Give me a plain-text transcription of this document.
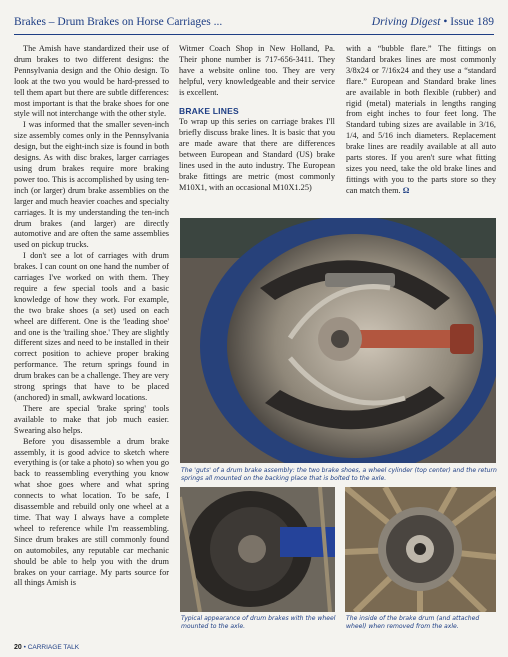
Brakes – Drum Brakes on Horse Carriages ...	Driving Digest • Issue 189

The Amish have standardized their use of drum brakes to two different designs: the Pennsylvania design and the Ohio design. To look at the two you would be hard-pressed to tell them apart but there are subtle differences: most important is that the brake shoes for one style will not interchange with the other style.

I was informed that the smaller seven-inch size assembly comes only in the Pennsylvania design, but the eight-inch size is found in both designs. As with disc brakes, larger carriages using drum brakes require more braking power too. This is accomplished by using ten-inch (or larger) drum brake assemblies on the larger and much heavier coaches and specialty carriages. It is my understanding the ten-inch drum brakes (and larger) are directly automotive and are often the same assemblies used on pickup trucks.

I don't see a lot of carriages with drum brakes. I can count on one hand the number of carriages I've worked on with them. They require a few special tools and a basic knowledge of how they work. For example, the two brake shoes (a set) used on each wheel are different. One is the 'leading shoe' and one is the 'trailing shoe.' They are slightly different sizes and need to be installed in their correct position to achieve proper braking performance. The return springs found in drum brakes can be a challenge. They are very strong springs that have to be placed (anchored) in small, awkward locations.

There are special 'brake spring' tools available to make that job much easier. Swearing also helps.

Before you disassemble a drum brake assembly, it is good advice to sketch where everything is (or take a photo) so when you go back to reassembling everything you know what shoe goes where and what spring connects to what location. To be safe, I disassemble and rebuild only one wheel at a time. That way I always have a complete wheel to reference while I'm reassembling. Since drum brakes are still commonly found on automobiles, any reputable car mechanic should be able to help you with the drum brakes on your carriage. My parts source for all things Amish is

Witmer Coach Shop in New Holland, Pa. Their phone number is 717-656-3411. They have a website online too. They are very helpful, very knowledgeable and their service is excellent.

BRAKE LINES

To wrap up this series on carriage brakes I'll briefly discuss brake lines. It is basic that you are made aware that there are differences between European and Standard (US) brake lines used in the auto industry. The European brake fittings are metric (most commonly M10X1, with an occasional M10X1.25)

with a “bubble flare.” The fittings on Standard brakes lines are most commonly 3/8x24 or 7/16x24 and they use a “standard flare.” European and Standard brake lines are available in both flexible (rubber) and rigid (metal) materials in lengths ranging from eight inches to four feet long. The Standard tubing sizes are available in 3/16, 1/4, and 5/16 inch diameters. Replacement brake lines are readily available at all auto parts stores. If you aren't sure what fitting sizes you need, take the old brake lines and fittings with you to the parts store so they can match them. Ω

The 'guts' of a drum brake assembly: the two brake shoes, a wheel cylinder (top center) and the return springs all mounted on the backing place that is bolted to the axle.
Typical appearance of drum brakes with the wheel mounted to the axle.
The inside of the brake drum (and attached wheel) when removed from the axle.
20 • CARRIAGE TALK
